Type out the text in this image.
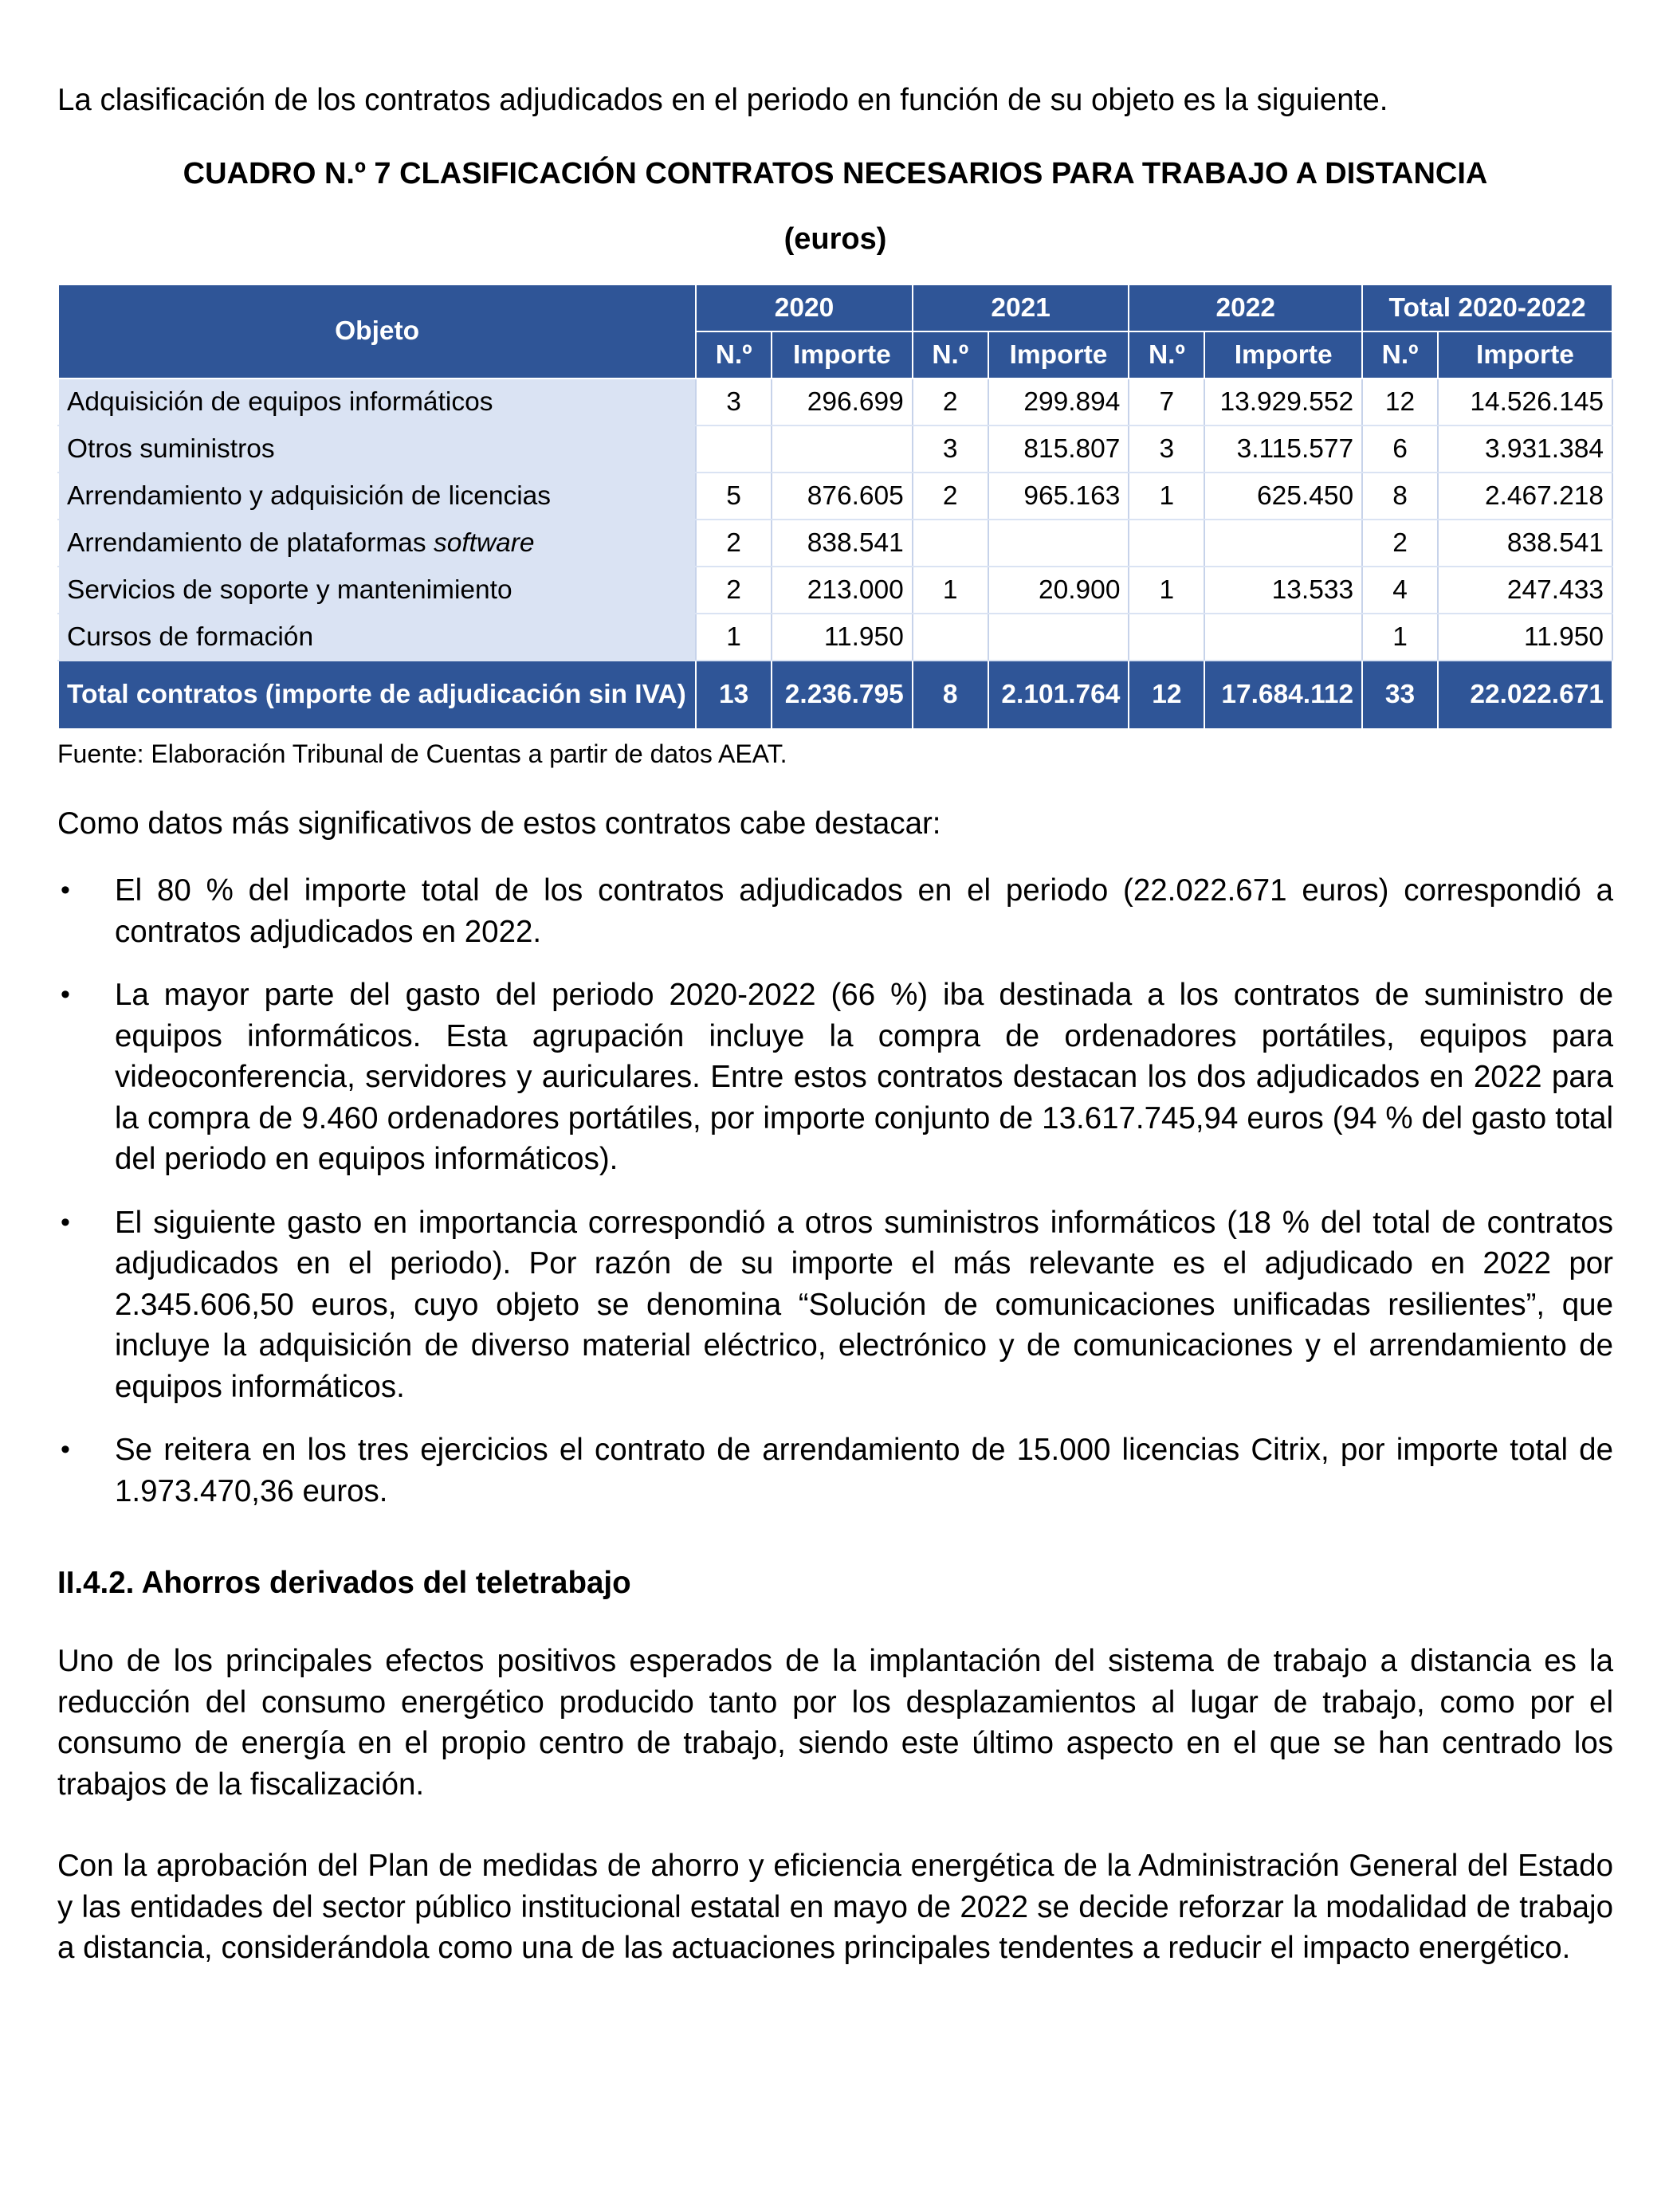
La clasificación de los contratos adjudicados en el periodo en función de su objeto es la siguiente.

CUADRO N.º 7 CLASIFICACIÓN CONTRATOS NECESARIOS PARA TRABAJO A DISTANCIA

(euros)

Objeto	2020		2021		2022		Total 2020-2022	
	N.º	Importe	N.º	Importe	N.º	Importe	N.º	Importe
Adquisición de equipos informáticos	3	296.699	2	299.894	7	13.929.552	12	14.526.145
Otros suministros			3	815.807	3	3.115.577	6	3.931.384
Arrendamiento y adquisición de licencias	5	876.605	2	965.163	1	625.450	8	2.467.218
Arrendamiento de plataformas software	2	838.541					2	838.541
Servicios de soporte y mantenimiento	2	213.000	1	20.900	1	13.533	4	247.433
Cursos de formación	1	11.950					1	11.950
Total contratos (importe de adjudicación sin IVA)	13	2.236.795	8	2.101.764	12	17.684.112	33	22.022.671

Fuente: Elaboración Tribunal de Cuentas a partir de datos AEAT.

Como datos más significativos de estos contratos cabe destacar:

• El 80 % del importe total de los contratos adjudicados en el periodo (22.022.671 euros) correspondió a contratos adjudicados en 2022.
• La mayor parte del gasto del periodo 2020-2022 (66 %) iba destinada a los contratos de suministro de equipos informáticos. Esta agrupación incluye la compra de ordenadores portátiles, equipos para videoconferencia, servidores y auriculares. Entre estos contratos destacan los dos adjudicados en 2022 para la compra de 9.460 ordenadores portátiles, por importe conjunto de 13.617.745,94 euros (94 % del gasto total del periodo en equipos informáticos).
• El siguiente gasto en importancia correspondió a otros suministros informáticos (18 % del total de contratos adjudicados en el periodo). Por razón de su importe el más relevante es el adjudicado en 2022 por 2.345.606,50 euros, cuyo objeto se denomina “Solución de comunicaciones unificadas resilientes”, que incluye la adquisición de diverso material eléctrico, electrónico y de comunicaciones y el arrendamiento de equipos informáticos.
• Se reitera en los tres ejercicios el contrato de arrendamiento de 15.000 licencias Citrix, por importe total de 1.973.470,36 euros.
II.4.2. Ahorros derivados del teletrabajo

Uno de los principales efectos positivos esperados de la implantación del sistema de trabajo a distancia es la reducción del consumo energético producido tanto por los desplazamientos al lugar de trabajo, como por el consumo de energía en el propio centro de trabajo, siendo este último aspecto en el que se han centrado los trabajos de la fiscalización.

Con la aprobación del Plan de medidas de ahorro y eficiencia energética de la Administración General del Estado y las entidades del sector público institucional estatal en mayo de 2022 se decide reforzar la modalidad de trabajo a distancia, considerándola como una de las actuaciones principales tendentes a reducir el impacto energético.
